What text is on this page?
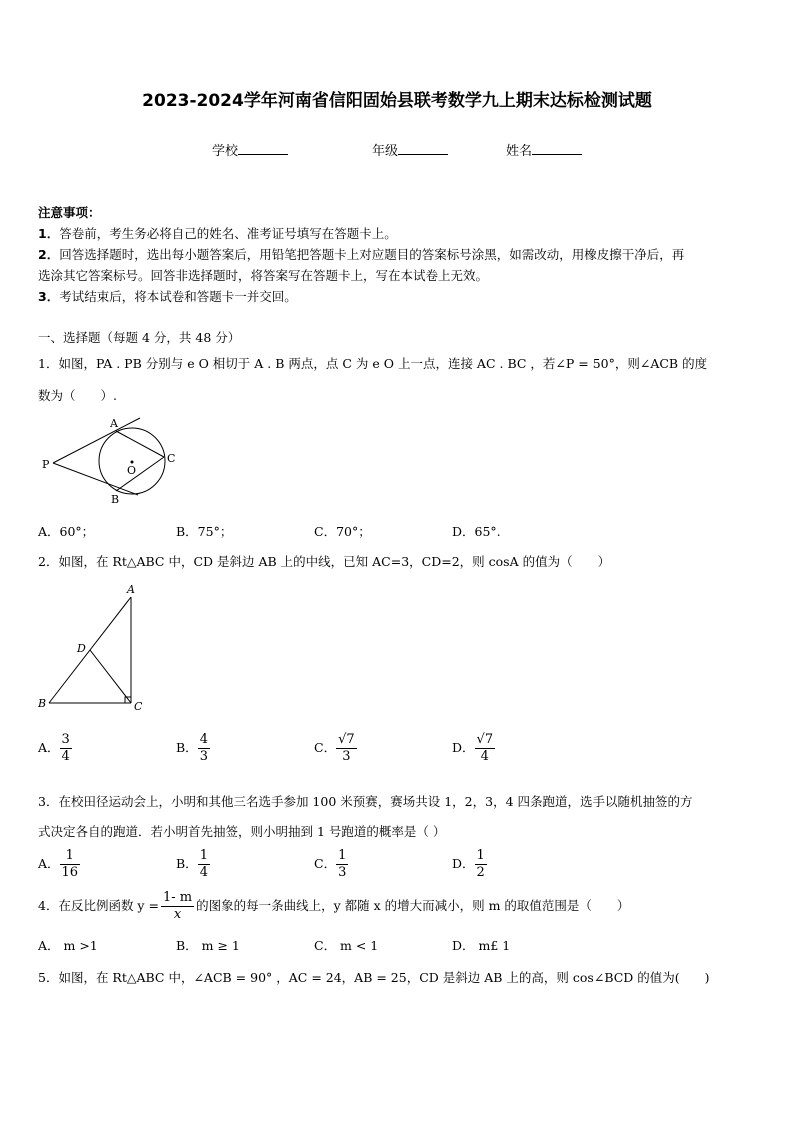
2023-2024学年河南省信阳固始县联考数学九上期末达标检测试题
学校	年级	姓名
注意事项：
1．答卷前，考生务必将自己的姓名、准考证号填写在答题卡上。
2．回答选择题时，选出每小题答案后，用铅笔把答题卡上对应题目的答案标号涂黑，如需改动，用橡皮擦干净后，再
选涂其它答案标号。回答非选择题时，将答案写在答题卡上，写在本试卷上无效。
3．考试结束后，将本试卷和答题卡一并交回。
一、选择题（每题 4 分，共 48 分）
1．如图，PA . PB 分别与 e O 相切于 A . B 两点，点 C 为 e O 上一点，连接 AC . BC ，若∠P = 50°，则∠ACB 的度
数为（　　）.
A
B
C
P	O
A．60°；	B．75°；	C．70°；	D．65°.
2．如图，在 Rt△ABC 中，CD 是斜边 AB 上的中线，已知 AC=3，CD=2，则 cosA 的值为（　　）
A
B	C
D
A． $\frac{3}{4}$	B． $\frac{4}{3}$	C． $\frac{√7}{3}$	D． $\frac{√7}{4}$
3．在校田径运动会上，小明和其他三名选手参加 100 米预赛，赛场共设 1，2，3，4 四条跑道，选手以随机抽签的方
式决定各自的跑道．若小明首先抽签，则小明抽到 1 号跑道的概率是（ ）
A． $\frac{1}{16}$	B． $\frac{1}{4}$	C． $\frac{1}{3}$	D． $\frac{1}{2}$
4．在反比例函数 $y = \frac{1- m}{x}$ 的图象的每一条曲线上，y 都随 x 的增大而减小，则 m 的取值范围是（　　）
A． m >1	B． m ≥ 1	C． m < 1	D． m£ 1
5．如图，在 Rt△ABC 中，∠ACB = 90° ，AC = 24，AB = 25，CD 是斜边 AB 上的高，则 cos∠BCD 的值为(　　)
